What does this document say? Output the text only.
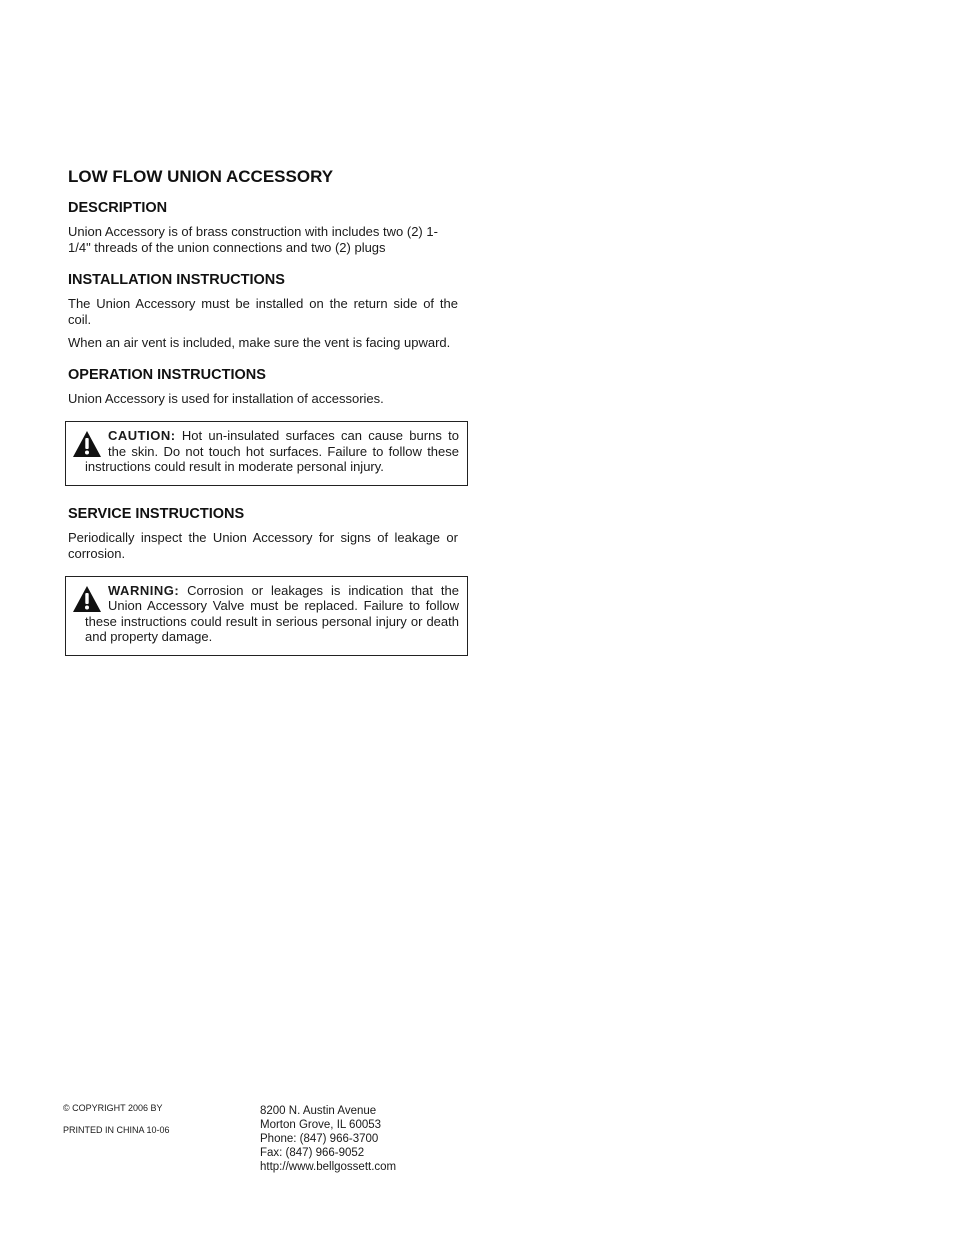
LOW FLOW UNION ACCESSORY
DESCRIPTION

Union Accessory is of brass construction with includes two (2) 1-1/4" threads of the union connections and two (2) plugs

INSTALLATION INSTRUCTIONS

The Union Accessory must be installed on the return side of the coil.

When an air vent is included, make sure the vent is facing upward.

OPERATION INSTRUCTIONS

Union Accessory is used for installation of accessories.

CAUTION: Hot un-insulated surfaces can cause burns to the skin. Do not touch hot surfaces. Failure to follow these instructions could result in moderate personal injury.

SERVICE INSTRUCTIONS

Periodically inspect the Union Accessory for signs of leakage or corrosion.

WARNING: Corrosion or leakages is indication that the Union Accessory Valve must be replaced. Failure to follow these instructions could result in serious personal injury or death and property damage.

© COPYRIGHT 2006 BY
PRINTED IN CHINA 10-06
8200 N. Austin Avenue
Morton Grove, IL 60053
Phone: (847) 966-3700
Fax: (847) 966-9052
http://www.bellgossett.com
